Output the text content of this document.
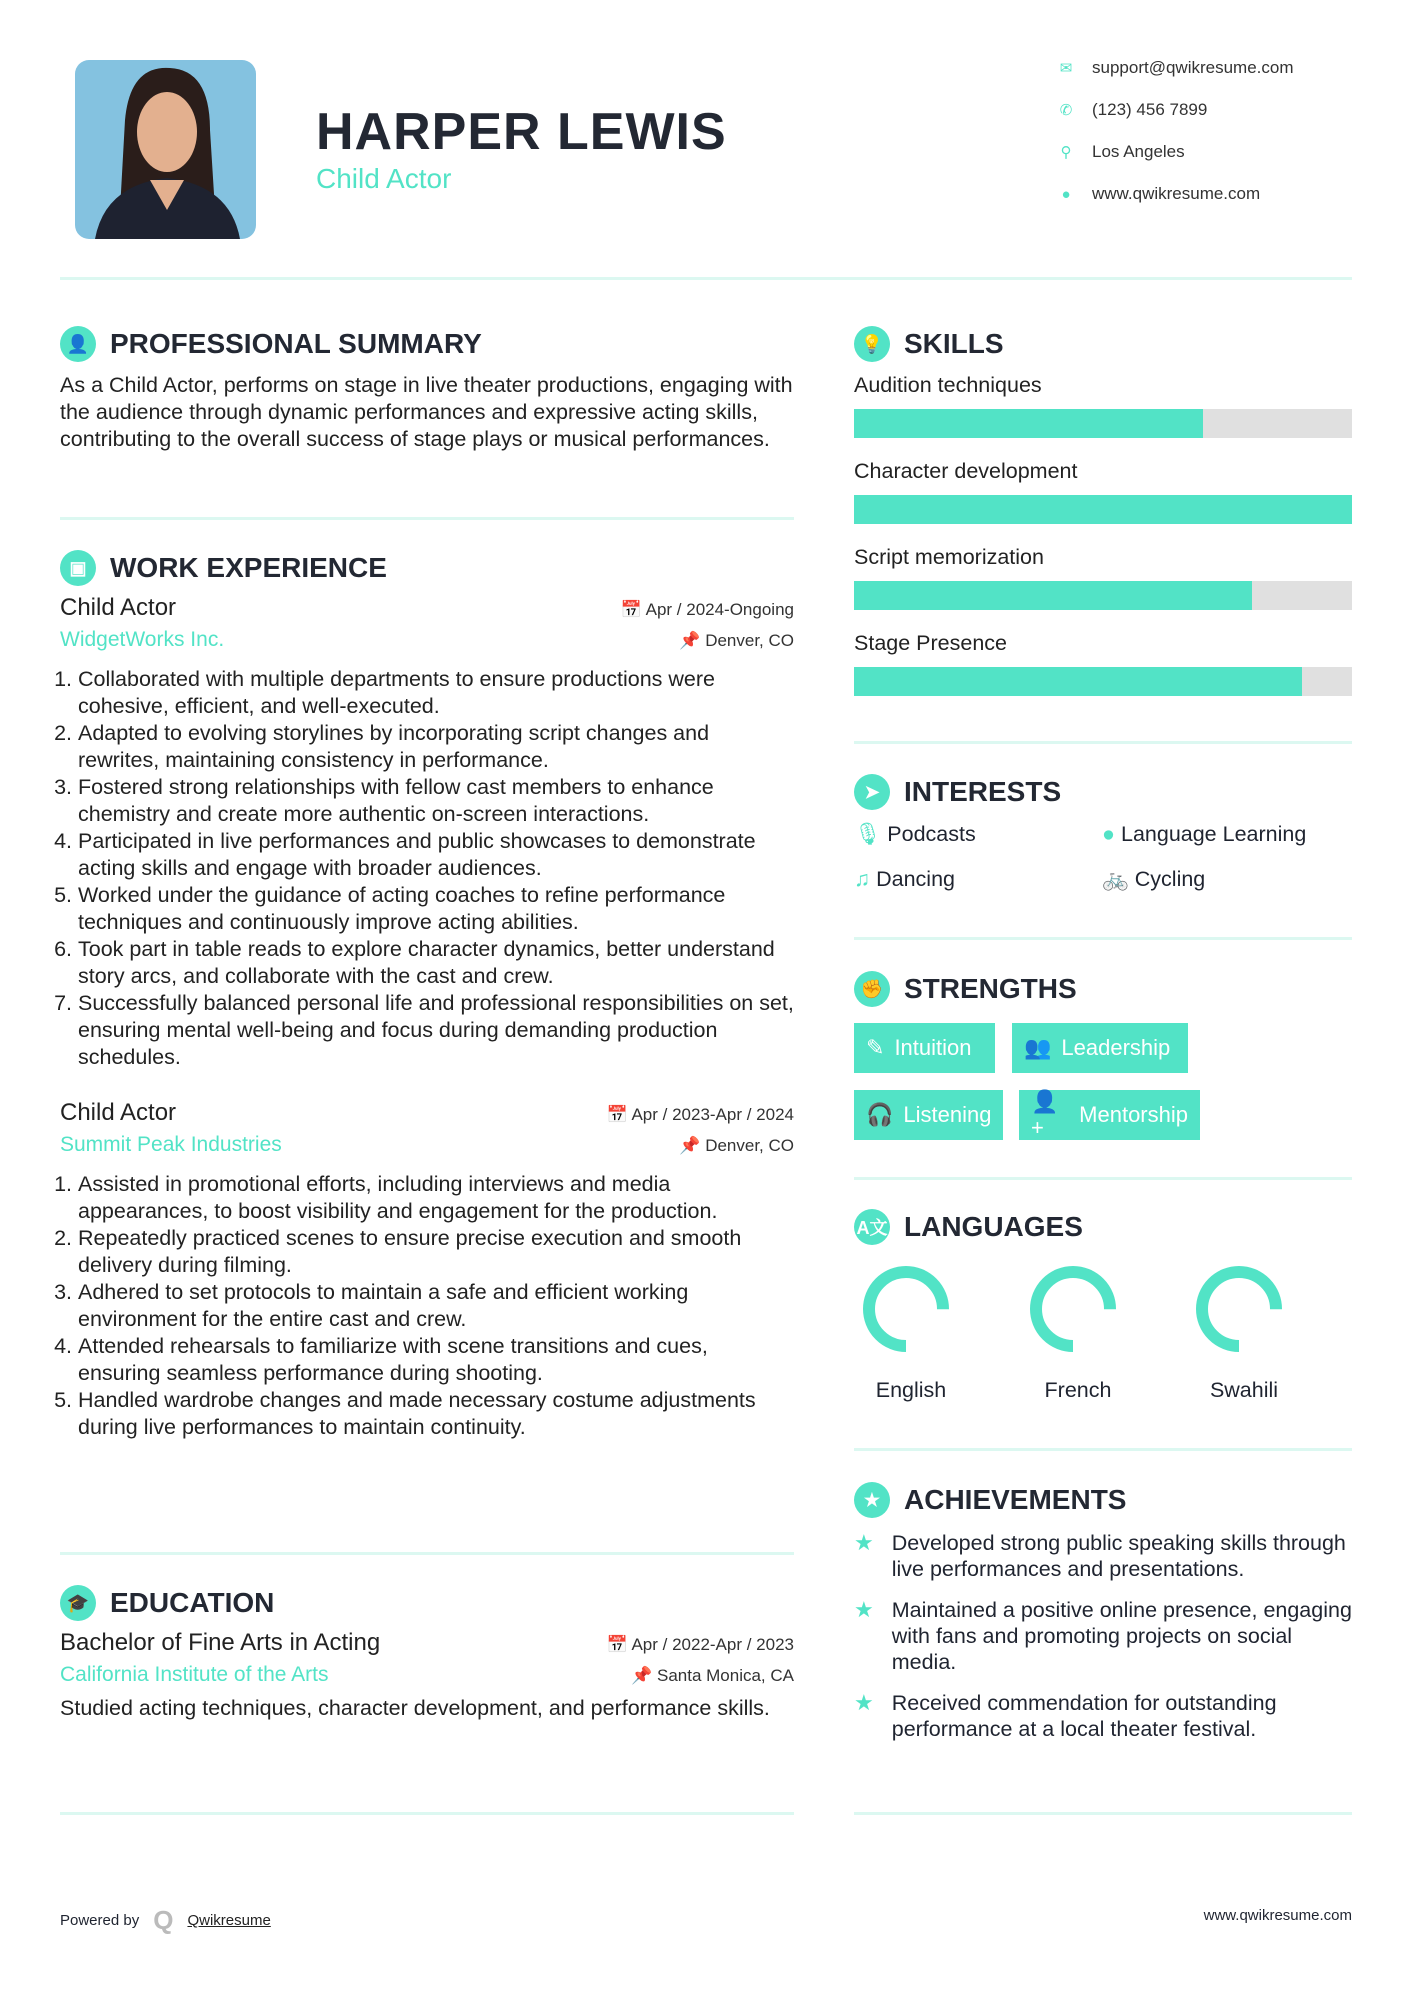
HARPER LEWIS
Child Actor
✉ support@qwikresume.com
✆ (123) 456 7899
⚲ Los Angeles
● www.qwikresume.com
👤 PROFESSIONAL SUMMARY
As a Child Actor, performs on stage in live theater productions, engaging with the audience through dynamic performances and expressive acting skills, contributing to the overall success of stage plays or musical performances.
▣ WORK EXPERIENCE
Child Actor	📅 Apr / 2024-Ongoing
WidgetWorks Inc.	📌 Denver, CO
1. Collaborated with multiple departments to ensure productions were cohesive, efficient, and well-executed.
2. Adapted to evolving storylines by incorporating script changes and rewrites, maintaining consistency in performance.
3. Fostered strong relationships with fellow cast members to enhance chemistry and create more authentic on-screen interactions.
4. Participated in live performances and public showcases to demonstrate acting skills and engage with broader audiences.
5. Worked under the guidance of acting coaches to refine performance techniques and continuously improve acting abilities.
6. Took part in table reads to explore character dynamics, better understand story arcs, and collaborate with the cast and crew.
7. Successfully balanced personal life and professional responsibilities on set, ensuring mental well-being and focus during demanding production schedules.
Child Actor	📅 Apr / 2023-Apr / 2024
Summit Peak Industries	📌 Denver, CO
1. Assisted in promotional efforts, including interviews and media appearances, to boost visibility and engagement for the production.
2. Repeatedly practiced scenes to ensure precise execution and smooth delivery during filming.
3. Adhered to set protocols to maintain a safe and efficient working environment for the entire cast and crew.
4. Attended rehearsals to familiarize with scene transitions and cues, ensuring seamless performance during shooting.
5. Handled wardrobe changes and made necessary costume adjustments during live performances to maintain continuity.
🎓 EDUCATION
Bachelor of Fine Arts in Acting	📅 Apr / 2022-Apr / 2023
California Institute of the Arts	📌 Santa Monica, CA
Studied acting techniques, character development, and performance skills.
💡 SKILLS
Audition techniques
Character development
Script memorization
Stage Presence
➤ INTERESTS
🎙 Podcasts	● Language Learning
♫ Dancing	🚲 Cycling
✊ STRENGTHS
✎ Intuition 👥 Leadership
🎧 Listening
👤+
Mentorship
A文 LANGUAGES
English	French	Swahili
★ ACHIEVEMENTS
★ Developed strong public speaking skills through live performances and presentations.
★ Maintained a positive online presence, engaging with fans and promoting projects on social media.
★ Received commendation for outstanding performance at a local theater festival.
Powered by Q Qwikresume	www.qwikresume.com
